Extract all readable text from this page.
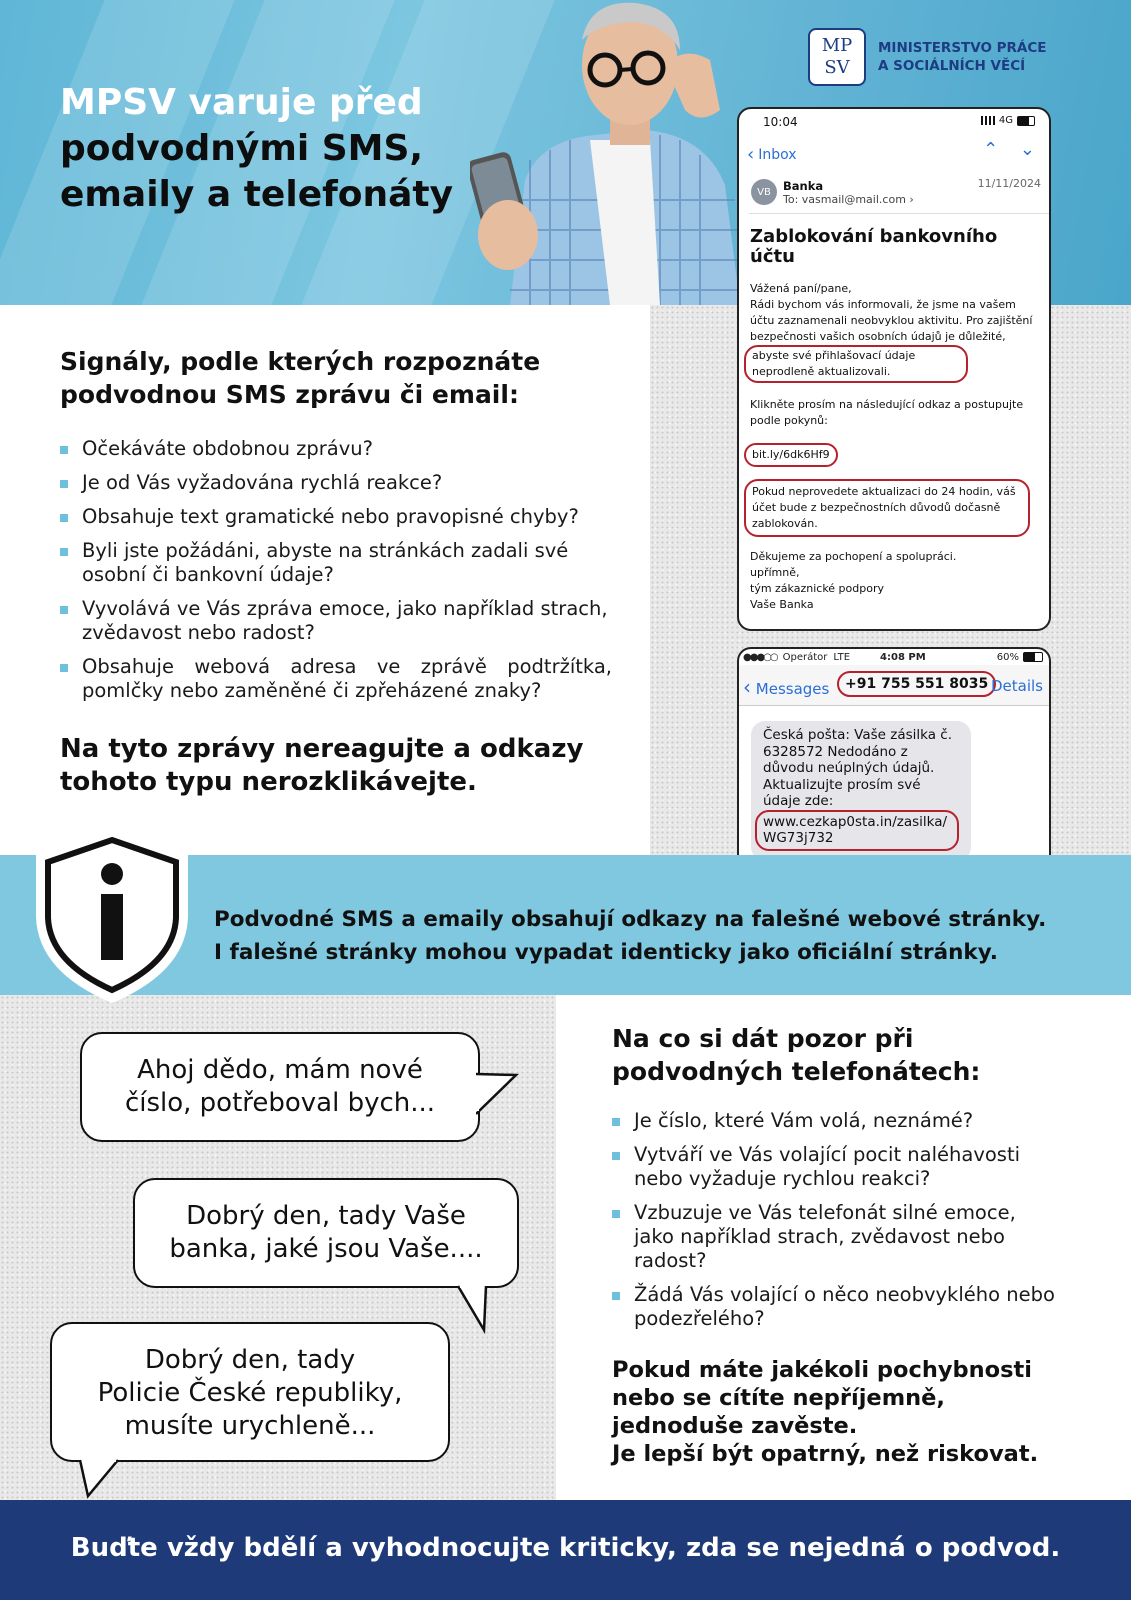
MPSV varuje před
podvodnými SMS,
emaily a telefonáty
MP
SV
MINISTERSTVO PRÁCE
A SOCIÁLNÍCH VĚCÍ
Signály, podle kterých rozpoznáte podvodnou SMS zprávu či email:
Očekáváte obdobnou zprávu?
Je od Vás vyžadována rychlá reakce?
Obsahuje text gramatické nebo pravopisné chyby?
Byli jste požádáni, abyste na stránkách zadali své osobní či bankovní údaje?
Vyvolává ve Vás zpráva emoce, jako například strach, zvědavost nebo radost?
Obsahuje webová adresa ve zprávě podtržítka, pomlčky nebo zaměněné či zpřeházené znaky?
Na tyto zprávy nereagujte a odkazy tohoto typu nerozklikávejte.
10:04	4G
‹ Inbox	⌃ ⌄
VB	Banka
To: vasmail@mail.com ›
11/11/2024
Zablokování bankovního účtu
Vážená paní/pane,
Rádi bychom vás informovali, že jsme na vašem účtu zaznamenali neobvyklou aktivitu. Pro zajištění bezpečnosti vašich osobních údajů je důležité,
abyste své přihlašovací údaje neprodleně aktualizovali.
Klikněte prosím na následující odkaz a postupujte podle pokynů:
bit.ly/6dk6Hf9
Pokud neprovedete aktualizaci do 24 hodin, váš účet bude z bezpečnostních důvodů dočasně zablokován.
Děkujeme za pochopení a spolupráci.
upřímně,
tým zákaznické podpory
Vaše Banka
●●●○○ Operátor LTE	4:08 PM	60%
‹ Messages	+91 755 551 8035 Details
Česká pošta: Vaše zásilka č. 6328572 Nedodáno z důvodu neúplných údajů. Aktualizujte prosím své údaje zde:
www.cezkap0sta.in/zasilka/WG73j732
Podvodné SMS a emaily obsahují odkazy na falešné webové stránky.
I falešné stránky mohou vypadat identicky jako oficiální stránky.
Ahoj dědo, mám nové
číslo, potřeboval bych...
Dobrý den, tady Vaše
banka, jaké jsou Vaše....
Dobrý den, tady
Policie České republiky,
musíte urychleně...
Na co si dát pozor při podvodných telefonátech:
Je číslo, které Vám volá, neznámé?
Vytváří ve Vás volající pocit naléhavosti nebo vyžaduje rychlou reakci?
Vzbuzuje ve Vás telefonát silné emoce, jako například strach, zvědavost nebo radost?
Žádá Vás volající o něco neobvyklého nebo podezřelého?
Pokud máte jakékoli pochybnosti nebo se cítíte nepříjemně, jednoduše zavěste.
Je lepší být opatrný, než riskovat.
Buďte vždy bdělí a vyhodnocujte kriticky, zda se nejedná o podvod.
